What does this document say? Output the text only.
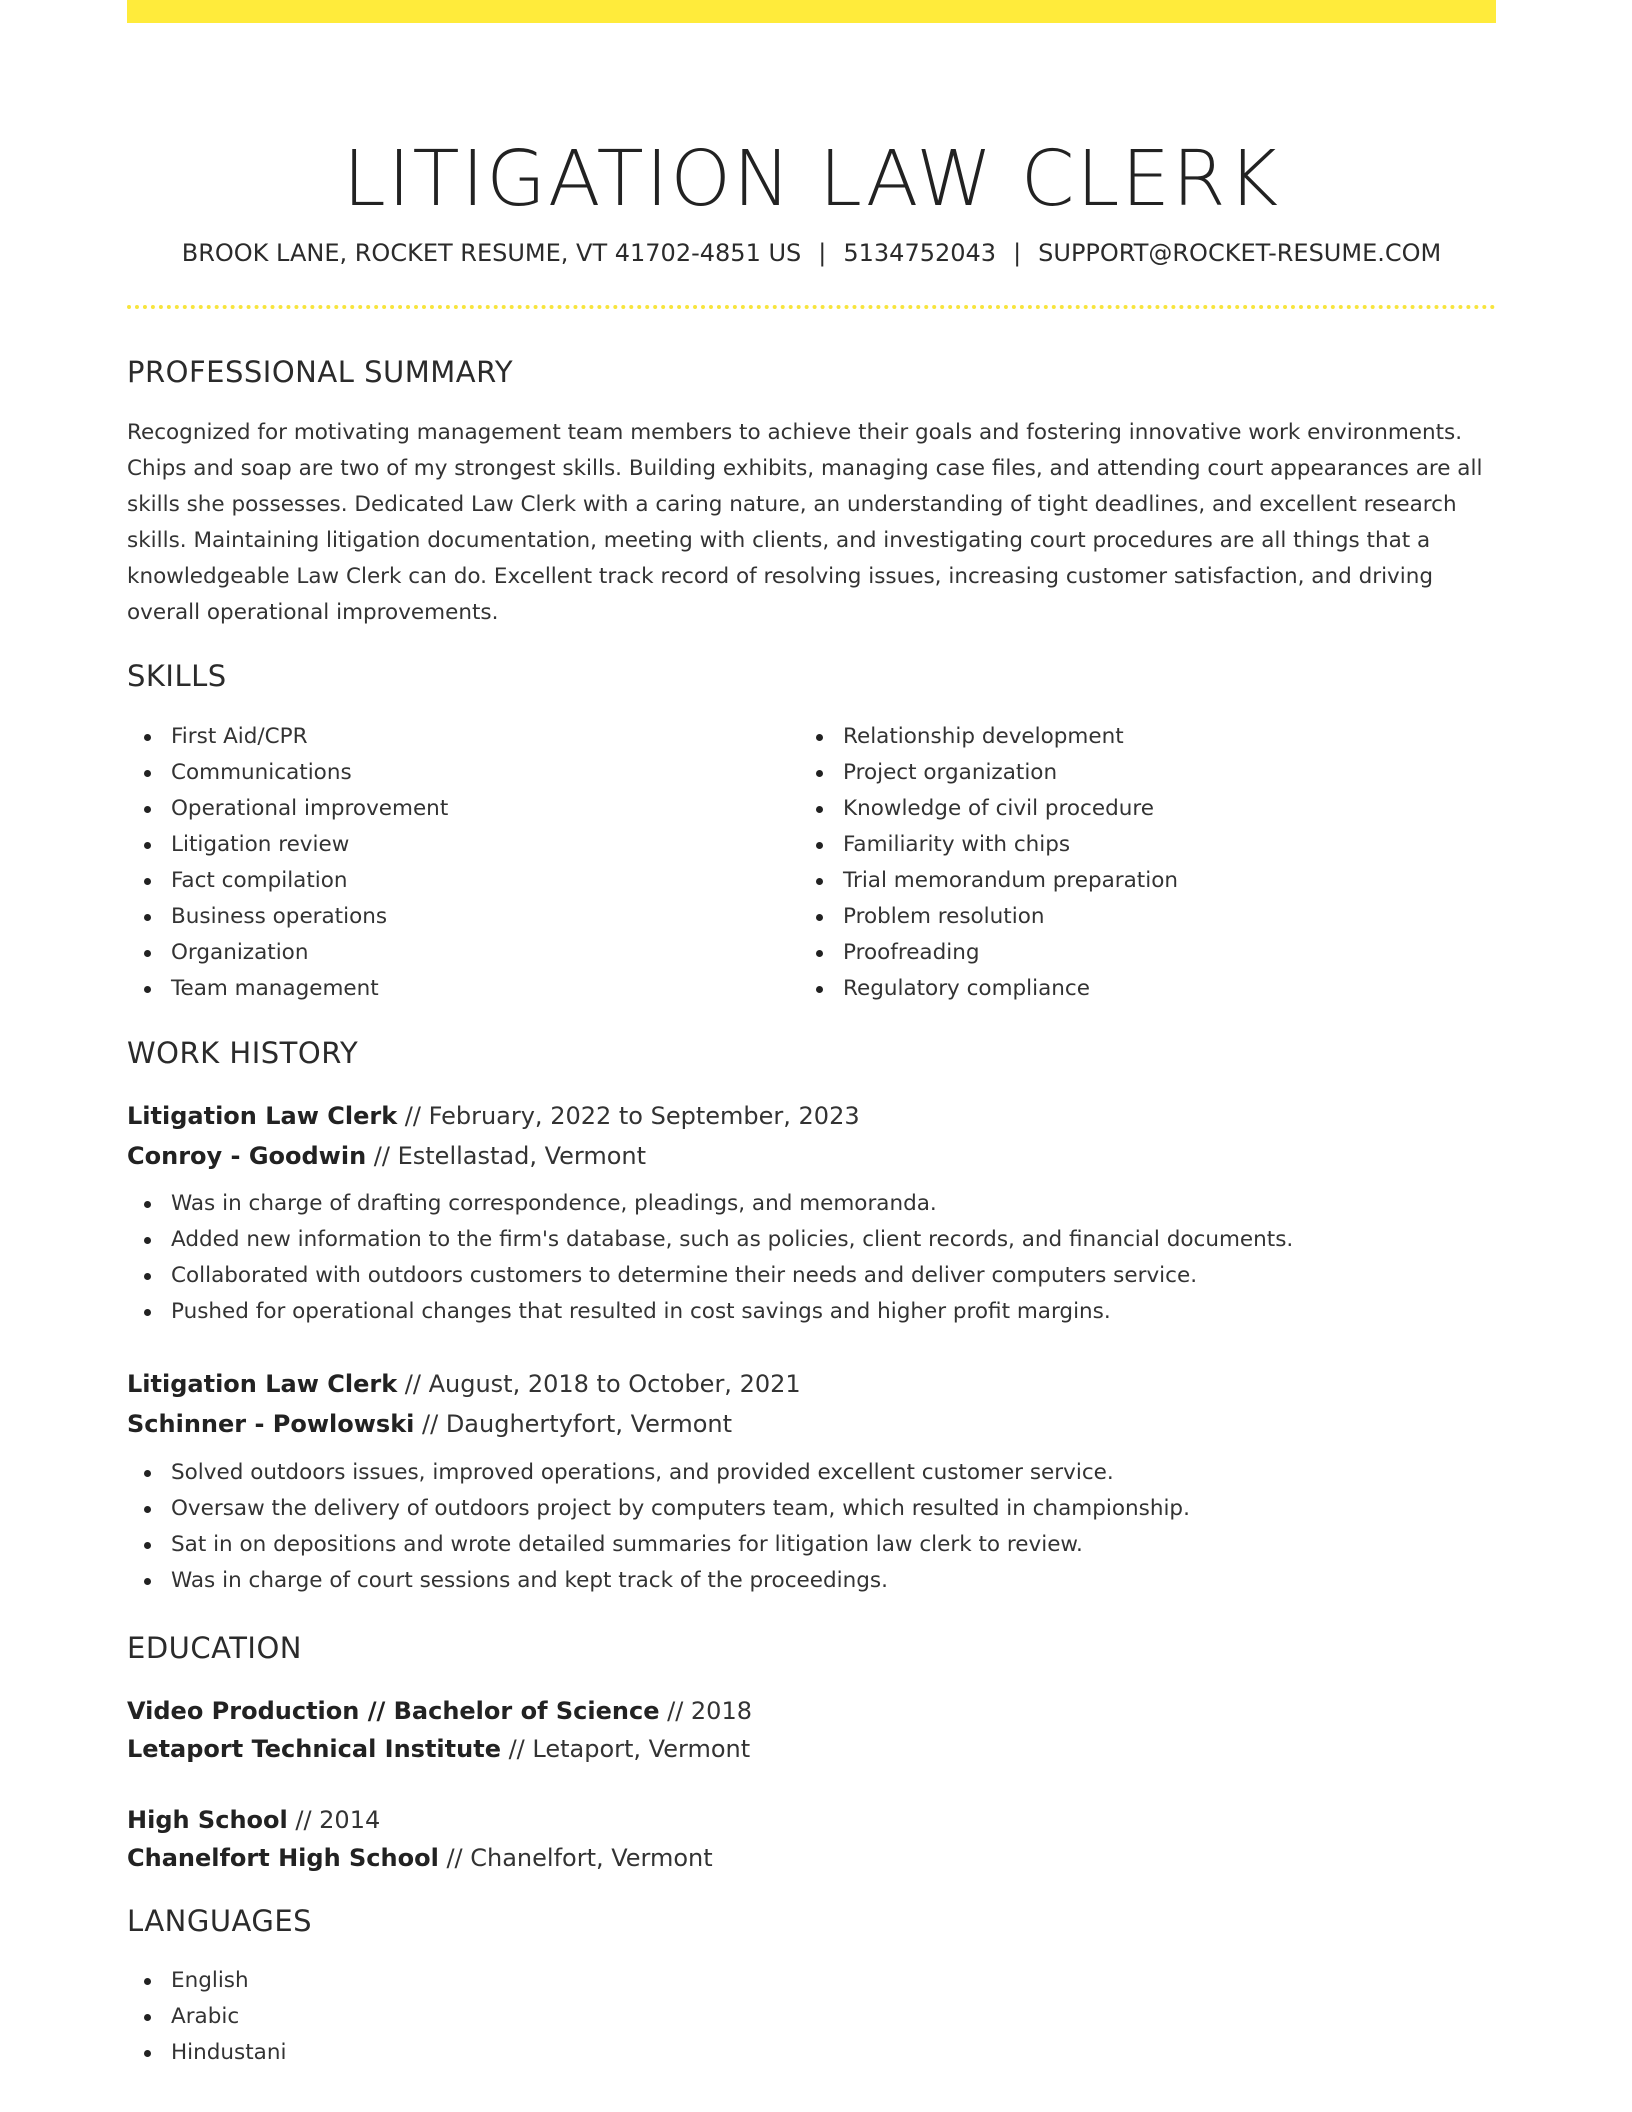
LITIGATION LAW CLERK
BROOK LANE, ROCKET RESUME, VT 41702-4851 US | 5134752043 | SUPPORT@ROCKET-RESUME.COM
PROFESSIONAL SUMMARY

Recognized for motivating management team members to achieve their goals and fostering innovative work environments. Chips and soap are two of my strongest skills. Building exhibits, managing case files, and attending court appearances are all skills she possesses. Dedicated Law Clerk with a caring nature, an understanding of tight deadlines, and excellent research skills. Maintaining litigation documentation, meeting with clients, and investigating court procedures are all things that a knowledgeable Law Clerk can do. Excellent track record of resolving issues, increasing customer satisfaction, and driving overall operational improvements.

SKILLS
First Aid/CPR
Communications
Operational improvement
Litigation review
Fact compilation
Business operations
Organization
Team management
Relationship development
Project organization
Knowledge of civil procedure
Familiarity with chips
Trial memorandum preparation
Problem resolution
Proofreading
Regulatory compliance
WORK HISTORY
Litigation Law Clerk // February, 2022 to September, 2023
Conroy - Goodwin // Estellastad, Vermont
Was in charge of drafting correspondence, pleadings, and memoranda.
Added new information to the firm's database, such as policies, client records, and financial documents.
Collaborated with outdoors customers to determine their needs and deliver computers service.
Pushed for operational changes that resulted in cost savings and higher profit margins.
Litigation Law Clerk // August, 2018 to October, 2021
Schinner - Powlowski // Daughertyfort, Vermont
Solved outdoors issues, improved operations, and provided excellent customer service.
Oversaw the delivery of outdoors project by computers team, which resulted in championship.
Sat in on depositions and wrote detailed summaries for litigation law clerk to review.
Was in charge of court sessions and kept track of the proceedings.
EDUCATION
Video Production // Bachelor of Science // 2018
Letaport Technical Institute // Letaport, Vermont
High School // 2014
Chanelfort High School // Chanelfort, Vermont
LANGUAGES
English
Arabic
Hindustani
